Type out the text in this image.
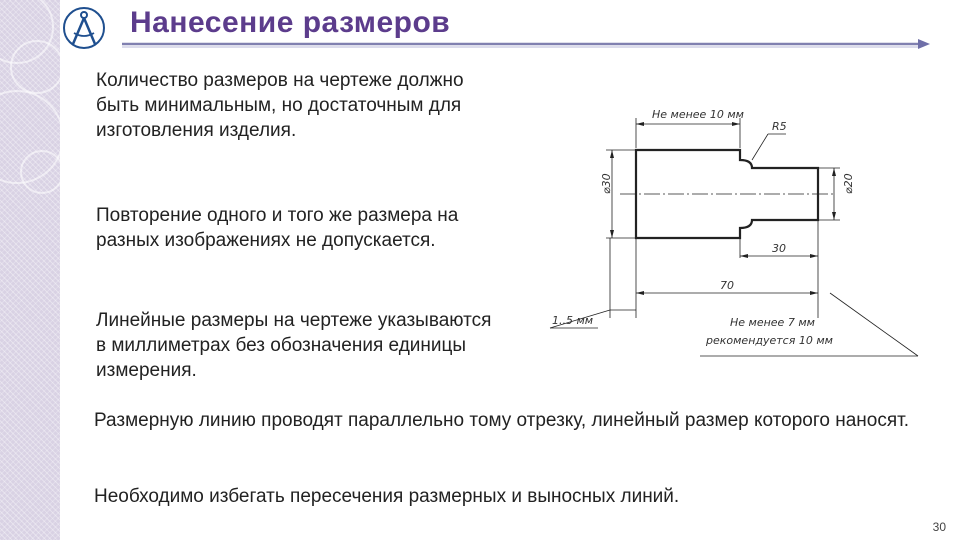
Нанесение размеров

Количество размеров на чертеже должно быть минимальным, но достаточным для изготовления изделия.

Повторение одного и того же размера на разных изображениях не допускается.

Линейные размеры на чертеже указываются в миллиметрах без обозначения единицы измерения.

Размерную линию проводят параллельно тому отрезку, линейный размер которого наносят.

Необходимо избегать пересечения размерных и выносных линий.

Не менее 10 мм
R5
⌀30	⌀20
30
70
1..5 мм	Не менее 7 мм
рекомендуется 10 мм
30
